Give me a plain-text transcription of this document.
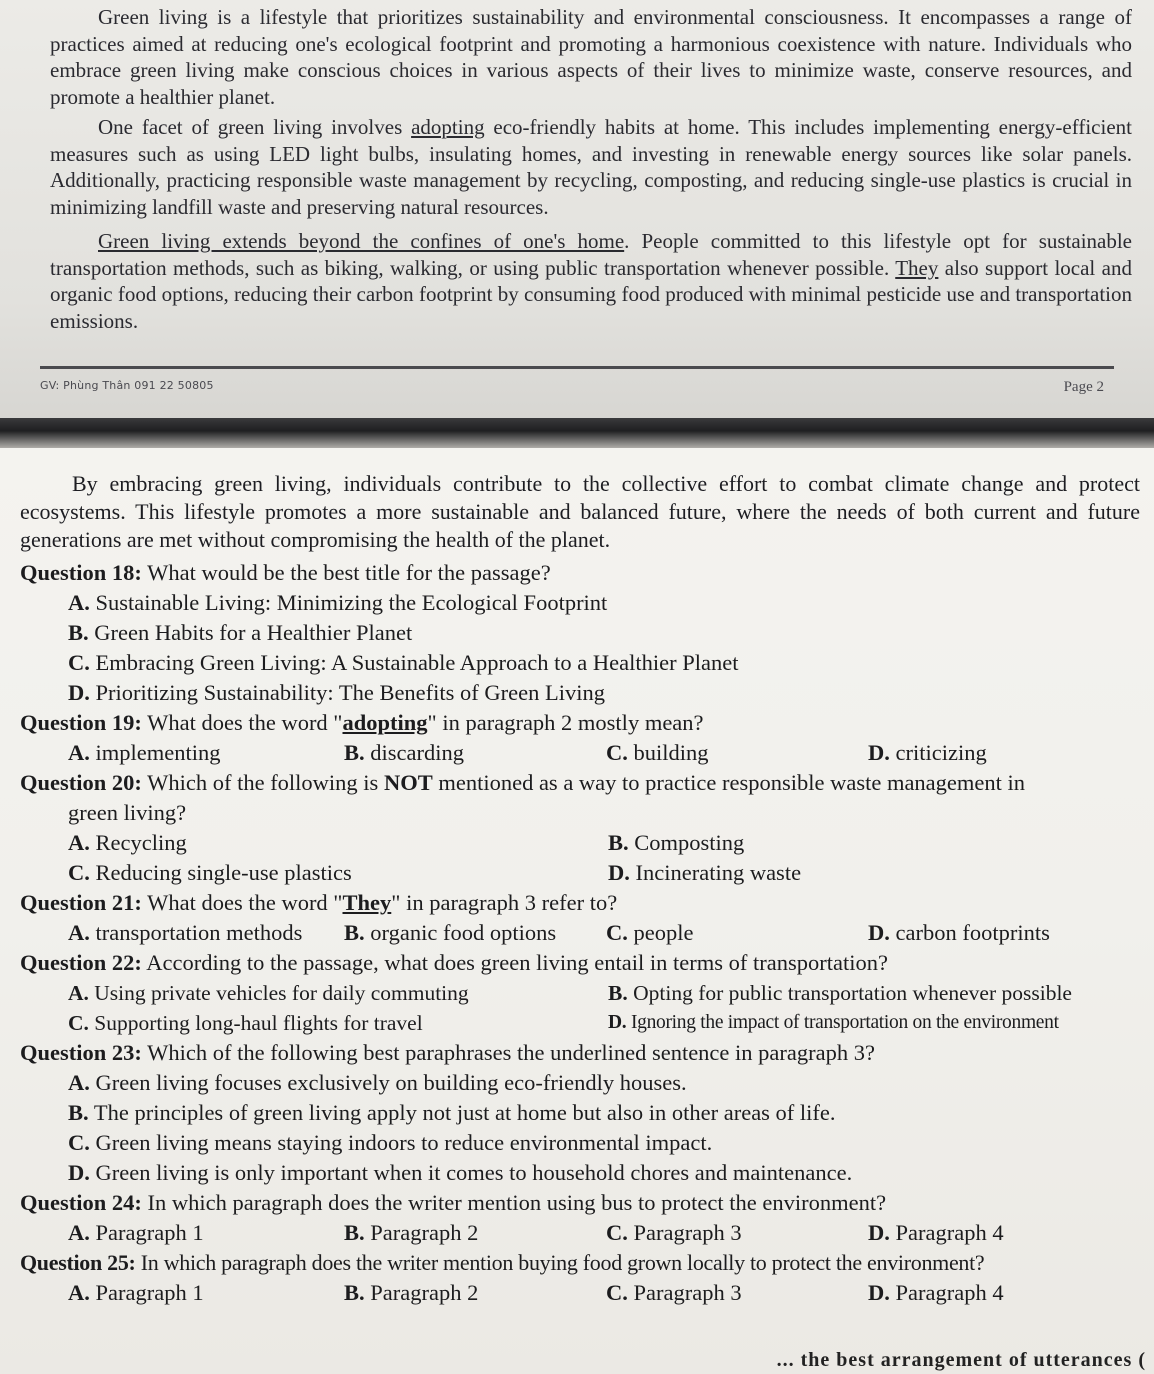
Green living is a lifestyle that prioritizes sustainability and environmental consciousness. It encompasses a range of practices aimed at reducing one's ecological footprint and promoting a harmonious coexistence with nature. Individuals who embrace green living make conscious choices in various aspects of their lives to minimize waste, conserve resources, and promote a healthier planet.

One facet of green living involves adopting eco-friendly habits at home. This includes implementing energy-efficient measures such as using LED light bulbs, insulating homes, and investing in renewable energy sources like solar panels. Additionally, practicing responsible waste management by recycling, composting, and reducing single-use plastics is crucial in minimizing landfill waste and preserving natural resources.

Green living extends beyond the confines of one's home. People committed to this lifestyle opt for sustainable transportation methods, such as biking, walking, or using public transportation whenever possible. They also support local and organic food options, reducing their carbon footprint by consuming food produced with minimal pesticide use and transportation emissions.

GV: Phùng Thân 091 22 50805	Page 2

By embracing green living, individuals contribute to the collective effort to combat climate change and protect ecosystems. This lifestyle promotes a more sustainable and balanced future, where the needs of both current and future generations are met without compromising the health of the planet.

Question 18: What would be the best title for the passage?

A. Sustainable Living: Minimizing the Ecological Footprint
B. Green Habits for a Healthier Planet
C. Embracing Green Living: A Sustainable Approach to a Healthier Planet
D. Prioritizing Sustainability: The Benefits of Green Living

Question 19: What does the word "adopting" in paragraph 2 mostly mean?

A. implementing	B. discarding	C. building	D. criticizing

Question 20: Which of the following is NOT mentioned as a way to practice responsible waste management in

green living?
A. Recycling	B. Composting
C. Reducing single-use plastics	D. Incinerating waste

Question 21: What does the word "They" in paragraph 3 refer to?

A. transportation methods	B. organic food options	C. people	D. carbon footprints

Question 22: According to the passage, what does green living entail in terms of transportation?

A. Using private vehicles for daily commuting	B. Opting for public transportation whenever possible
C. Supporting long-haul flights for travel	D. Ignoring the impact of transportation on the environment

Question 23: Which of the following best paraphrases the underlined sentence in paragraph 3?

A. Green living focuses exclusively on building eco-friendly houses.
B. The principles of green living apply not just at home but also in other areas of life.
C. Green living means staying indoors to reduce environmental impact.
D. Green living is only important when it comes to household chores and maintenance.

Question 24: In which paragraph does the writer mention using bus to protect the environment?

A. Paragraph 1	B. Paragraph 2	C. Paragraph 3	D. Paragraph 4

Question 25: In which paragraph does the writer mention buying food grown locally to protect the environment?

A. Paragraph 1	B. Paragraph 2	C. Paragraph 3	D. Paragraph 4
... the best arrangement of utterances (
